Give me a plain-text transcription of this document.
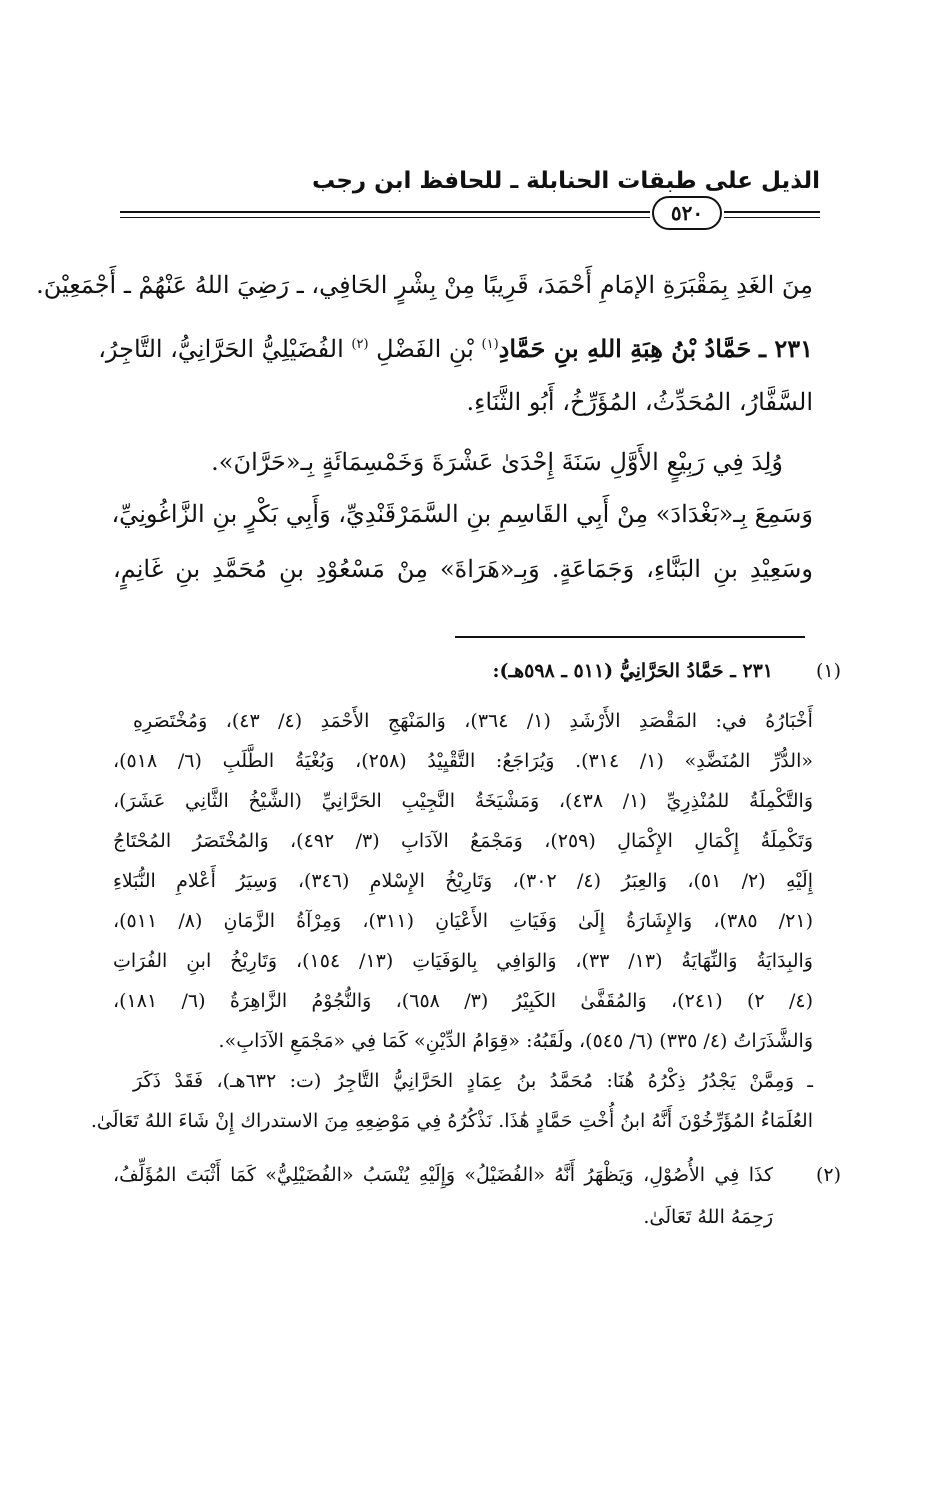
الذيل على طبقات الحنابلة ـ للحافظ ابن رجب
٥٢٠
مِنَ الغَدِ بِمَقْبَرَةِ الإمَامِ أَحْمَدَ، قَرِيبًا مِنْ بِشْرٍ الحَافِي، ـ رَضِيَ اللهُ عَنْهُمْ ـ أَجْمَعِيْنَ.
٢٣١ ـ حَمَّادُ بْنُ هِبَةِ اللهِ بنِ حَمَّادِ$^{(١)}$ بْنِ الفَضْلِ $^{(٢)}$ الفُضَيْلِيُّ الحَرَّانِيُّ، التَّاجِرُ،
السَّفَّارُ، المُحَدِّثُ، المُؤَرِّخُ، أَبُو الثَّنَاءِ.
وُلِدَ فِي رَبِيْعٍ الأَوَّلِ سَنَةَ إِحْدَىٰ عَشْرَةَ وَخَمْسِمَائَةٍ بِـ«حَرَّانَ».
وَسَمِعَ بِـ«بَغْدَادَ» مِنْ أَبِي القَاسِمِ بنِ السَّمَرْقَنْدِيِّ، وَأَبِي بَكْرٍ بنِ الزَّاغُونِيِّ،
وسَعِيْدِ بنِ البَنَّاءِ، وَجَمَاعَةٍ. وَبِـ«هَرَاةَ» مِنْ مَسْعُوْدِ بنِ مُحَمَّدِ بنِ غَانِمٍ،
(١)
٢٣١ ـ حَمَّادُ الحَرَّانِيُّ (٥١١ ـ ٥٩٨هـ):
أَخْبَارُهُ في: المَقْصَدِ الأَرْشَدِ (١/ ٣٦٤)، وَالمَنْهَجِ الأَحْمَدِ (٤/ ٤٣)، وَمُخْتَصَرِهِ
«الدُّرِّ المُنَضَّدِ» (١/ ٣١٤). وَيُرَاجَعُ: التَّقْيِيْدُ (٢٥٨)، وَبُغْيَةُ الطَّلَبِ (٦/ ٥١٨)،
وَالتَّكْمِلَةُ للمُنْذِرِيِّ (١/ ٤٣٨)، وَمَشْيَخَةُ النَّجِيْبِ الحَرَّانِيِّ (الشَّيْخُ الثَّانِي عَشَرَ)،
وَتَكْمِلَةُ إِكْمَالِ الإِكْمَالِ (٢٥٩)، وَمَجْمَعُ الآدَابِ (٣/ ٤٩٢)، وَالمُخْتَصَرُ المُحْتَاجُ
إِلَيْهِ (٢/ ٥١)، وَالعِبَرُ (٤/ ٣٠٢)، وَتَارِيْخُ الإِسْلامِ (٣٤٦)، وَسِيَرُ أَعْلامِ النُّبَلاءِ
(٢١/ ٣٨٥)، وَالإِشَارَةُ إِلَىٰ وَفَيَاتِ الأَعْيَانِ (٣١١)، وَمِرْآةُ الزَّمَانِ (٨/ ٥١١)،
وَالبِدَايَةُ وَالنِّهَايَةُ (١٣/ ٣٣)، وَالوَافِي بِالوَفَيَاتِ (١٣/ ١٥٤)، وَتَارِيْخُ ابنِ الفُرَاتِ
(٤/ ٢) (٢٤١)، وَالمُقَفَّىٰ الكَبِيْرُ (٣/ ٦٥٨)، وَالنُّجُوْمُ الزَّاهِرَةُ (٦/ ١٨١)،
وَالشَّذَرَاتُ (٤/ ٣٣٥) (٦/ ٥٤٥)، ولَقَبُهُ: «قِوَامُ الدِّيْنِ» كَمَا فِي «مَجْمَعِ الآدَابِ».
ـ وَمِمَّنْ يَجْدُرُ ذِكْرُهُ هُنَا: مُحَمَّدُ بنُ عِمَادٍ الحَرَّانِيُّ التَّاجِرُ (ت: ٦٣٢هـ)، فَقَدْ ذَكَرَ
العُلَمَاءُ المُؤَرِّخُوْنَ أَنَّهُ ابنُ أُخْتِ حَمَّادٍ هَٰذَا. نَذْكُرُهُ فِي مَوْضِعِهِ مِنَ الاستدراك إِنْ شَاءَ اللهُ تَعَالَىٰ.
(٢)
كذَا فِي الأُصُوْلِ، وَيَظْهَرُ أَنَّهُ «الفُضَيْلُ» وَإِلَيْهِ يُنْسَبُ «الفُضَيْلِيُّ» كَمَا أَثْبَتَ المُؤَلِّفُ،
رَحِمَهُ اللهُ تَعَالَىٰ.
